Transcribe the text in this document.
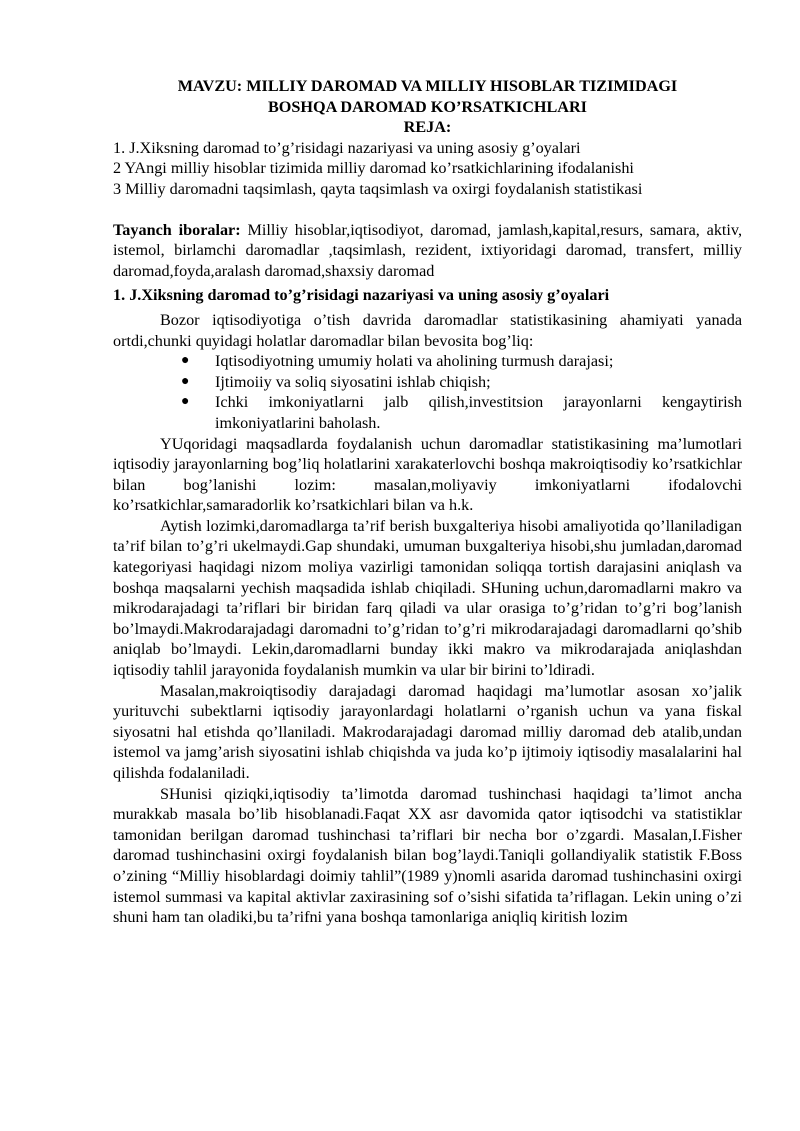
MAVZU: MILLIY DAROMAD VA MILLIY HISOBLAR TIZIMIDAGI
BOSHQA DAROMAD KO’RSATKICHLARI

REJA:

1. J.Xiksning daromad to’g’risidagi nazariyasi va uning asosiy g’oyalari

2 YAngi milliy hisoblar tizimida milliy daromad ko’rsatkichlarining ifodalanishi

3 Milliy daromadni taqsimlash, qayta taqsimlash va oxirgi foydalanish statistikasi

Tayanch iboralar: Milliy hisoblar,iqtisodiyot, daromad, jamlash,kapital,resurs, samara, aktiv, istemol, birlamchi daromadlar ,taqsimlash, rezident, ixtiyoridagi daromad, transfert, milliy daromad,foyda,aralash daromad,shaxsiy daromad

1. J.Xiksning daromad to’g’risidagi nazariyasi va uning asosiy g’oyalari

Bozor iqtisodiyotiga o’tish davrida daromadlar statistikasining ahamiyati yanada ortdi,chunki quyidagi holatlar daromadlar bilan bevosita bog’liq:

● Iqtisodiyotning umumiy holati va aholining turmush darajasi;
● Ijtimoiiy va soliq siyosatini ishlab chiqish;
● Ichki imkoniyatlarni jalb qilish,investitsion jarayonlarni kengaytirish imkoniyatlarini baholash.

YUqoridagi maqsadlarda foydalanish uchun daromadlar statistikasining ma’lumotlari iqtisodiy jarayonlarning bog’liq holatlarini xarakaterlovchi boshqa makroiqtisodiy ko’rsatkichlar bilan bog’lanishi lozim: masalan,moliyaviy imkoniyatlarni ifodalovchi ko’rsatkichlar,samaradorlik ko’rsatkichlari bilan va h.k.

Aytish lozimki,daromadlarga ta’rif berish buxgalteriya hisobi amaliyotida qo’llaniladigan ta’rif bilan to’g’ri ukelmaydi.Gap shundaki, umuman buxgalteriya hisobi,shu jumladan,daromad kategoriyasi haqidagi nizom moliya vazirligi tamonidan soliqqa tortish darajasini aniqlash va boshqa maqsalarni yechish maqsadida ishlab chiqiladi. SHuning uchun,daromadlarni makro va mikrodarajadagi ta’riflari bir biridan farq qiladi va ular orasiga to’g’ridan to’g’ri bog’lanish bo’lmaydi.Makrodarajadagi daromadni to’g’ridan to’g’ri mikrodarajadagi daromadlarni qo’shib aniqlab bo’lmaydi. Lekin,daromadlarni bunday ikki makro va mikrodarajada aniqlashdan iqtisodiy tahlil jarayonida foydalanish mumkin va ular bir birini to’ldiradi.

Masalan,makroiqtisodiy darajadagi daromad haqidagi ma’lumotlar asosan xo’jalik yurituvchi subektlarni iqtisodiy jarayonlardagi holatlarni o’rganish uchun va yana fiskal siyosatni hal etishda qo’llaniladi. Makrodarajadagi daromad milliy daromad deb atalib,undan istemol va jamg’arish siyosatini ishlab chiqishda va juda ko’p ijtimoiy iqtisodiy masalalarini hal qilishda fodalaniladi.

SHunisi qiziqki,iqtisodiy ta’limotda daromad tushinchasi haqidagi ta’limot ancha murakkab masala bo’lib hisoblanadi.Faqat XX asr davomida qator iqtisodchi va statistiklar tamonidan berilgan daromad tushinchasi ta’riflari bir necha bor o’zgardi. Masalan,I.Fisher daromad tushinchasini oxirgi foydalanish bilan bog’laydi.Taniqli gollandiyalik statistik F.Boss o’zining “Milliy hisoblardagi doimiy tahlil”(1989 y)nomli asarida daromad tushinchasini oxirgi istemol summasi va kapital aktivlar zaxirasining sof o’sishi sifatida ta’riflagan. Lekin uning o’zi shuni ham tan oladiki,bu ta’rifni yana boshqa tamonlariga aniqliq kiritish lozim
